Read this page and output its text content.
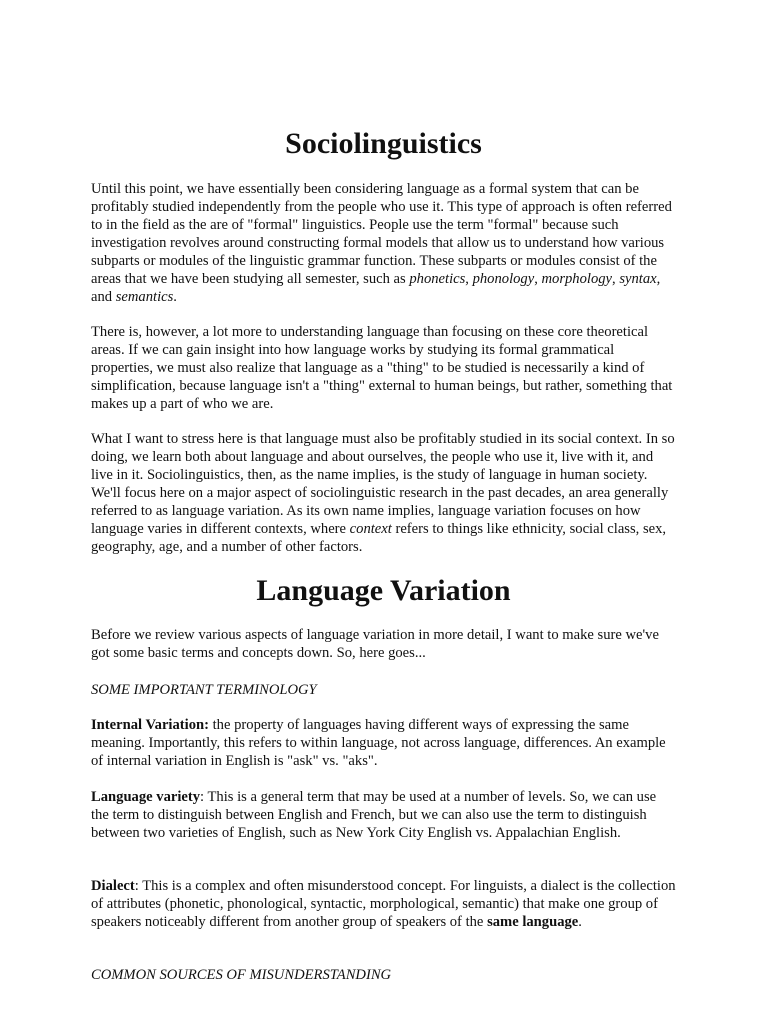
Sociolinguistics

Until this point, we have essentially been considering language as a formal system that can be profitably studied independently from the people who use it. This type of approach is often referred to in the field as the are of "formal" linguistics. People use the term "formal" because such investigation revolves around constructing formal models that allow us to understand how various subparts or modules of the linguistic grammar function. These subparts or modules consist of the areas that we have been studying all semester, such as phonetics, phonology, morphology, syntax, and semantics.

There is, however, a lot more to understanding language than focusing on these core theoretical areas. If we can gain insight into how language works by studying its formal grammatical properties, we must also realize that language as a "thing" to be studied is necessarily a kind of simplification, because language isn't a "thing" external to human beings, but rather, something that makes up a part of who we are.

What I want to stress here is that language must also be profitably studied in its social context. In so doing, we learn both about language and about ourselves, the people who use it, live with it, and live in it. Sociolinguistics, then, as the name implies, is the study of language in human society. We'll focus here on a major aspect of sociolinguistic research in the past decades, an area generally referred to as language variation. As its own name implies, language variation focuses on how language varies in different contexts, where context refers to things like ethnicity, social class, sex, geography, age, and a number of other factors.

Language Variation

Before we review various aspects of language variation in more detail, I want to make sure we've got some basic terms and concepts down. So, here goes...

SOME IMPORTANT TERMINOLOGY

Internal Variation: the property of languages having different ways of expressing the same meaning. Importantly, this refers to within language, not across language, differences. An example of internal variation in English is "ask" vs. "aks".

Language variety: This is a general term that may be used at a number of levels. So, we can use the term to distinguish between English and French, but we can also use the term to distinguish between two varieties of English, such as New York City English vs. Appalachian English.

Dialect: This is a complex and often misunderstood concept. For linguists, a dialect is the collection of attributes (phonetic, phonological, syntactic, morphological, semantic) that make one group of speakers noticeably different from another group of speakers of the same language.

COMMON SOURCES OF MISUNDERSTANDING
